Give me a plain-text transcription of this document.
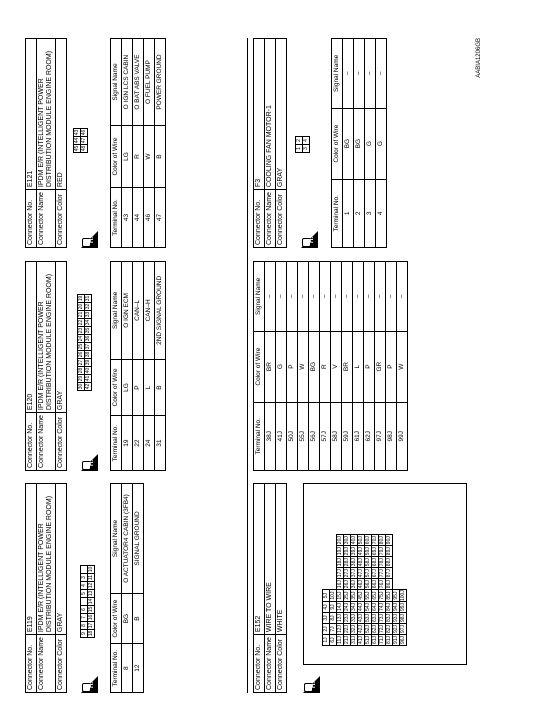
Connector No.	E119
Connector Name	IPDM E/R (INTELLIGENT POWER DISTRIBUTION MODULE ENGINE ROOM)
Connector Color	GRAY
H.S.
9	8	7	6		5	4	3	
18	17	16	15	14	13	12	11	10
Terminal No.	Color of Wire	Signal Name
8	BG	O ACTUATOR4 CABIN (3FB4)
12	B	SIGNAL GROUND
Connector No.	E120
Connector Name	IPDM E/R (INTELLIGENT POWER DISTRIBUTION MODULE ENGINE ROOM)
Connector Color	GRAY
H.S.
30	29	28	27	26	25	24	23	22	21	20	19
42	41	40	39	38	37	36	35	34	33	32	31
Terminal No.	Color of Wire	Signal Name
19	LG	O IGN ECM
22	P	CAN–L
24	L	CAN–H
31	B	2ND SIGNAL GROUND
Connector No.	E121
Connector Name	IPDM E/R (INTELLIGENT POWER DISTRIBUTION MODULE ENGINE ROOM)
Connector Color	RED
H.S.
45	44	43
48	47	46
Terminal No.	Color of Wire	Signal Name
43	LG	O IGN LCS CABIN
44	R	O BAT ABS VALVE
46	W	O FUEL PUMP
47	B	POWER GROUND
Connector No.	E152
Connector Name	WIRE TO WIRE
Connector Color	WHITE
H.S.
1J	2J	3J	4J	5J					
6J	7J	8J	9J	10J					
11J	12J	13J	14J	15J	16J	17J	18J	19J	20J
21J	22J	23J	24J	25J	26J	27J	28J	29J	30J
31J	32J	33J	34J	35J	36J	37J	38J	39J	40J
41J	42J	43J	44J	45J	46J	47J	48J	49J	50J
51J	52J	53J	54J	55J	56J	57J	58J	59J	60J
61J	62J	63J	64J	65J	66J	67J	68J	69J	70J
71J	72J	73J	74J	75J	76J	77J	78J	79J	80J
81J	82J	83J	84J	85J	86J	87J	88J	89J	90J
91J	92J	93J	94J	95J					
96J	97J	98J	99J	100J					
Terminal No.	Color of Wire	Signal Name
38J	BR	–
41J	G	–
50J	P	–
55J	W	–
56J	BG	–
57J	R	–
58J	V	–
59J	BR	–
61J	L	–
62J	P	–
97J	GR	–
98J	P	–
99J	W	–
Connector No.	F3
Connector Name	COOLING FAN MOTOR-1
Connector Color	GRAY
H.S.
1	2
3	4
Terminal No.	Color of Wire	Signal Name
1	BG	–
2	BG	–
3	G	–
4	G	–	AABIA1206GB
